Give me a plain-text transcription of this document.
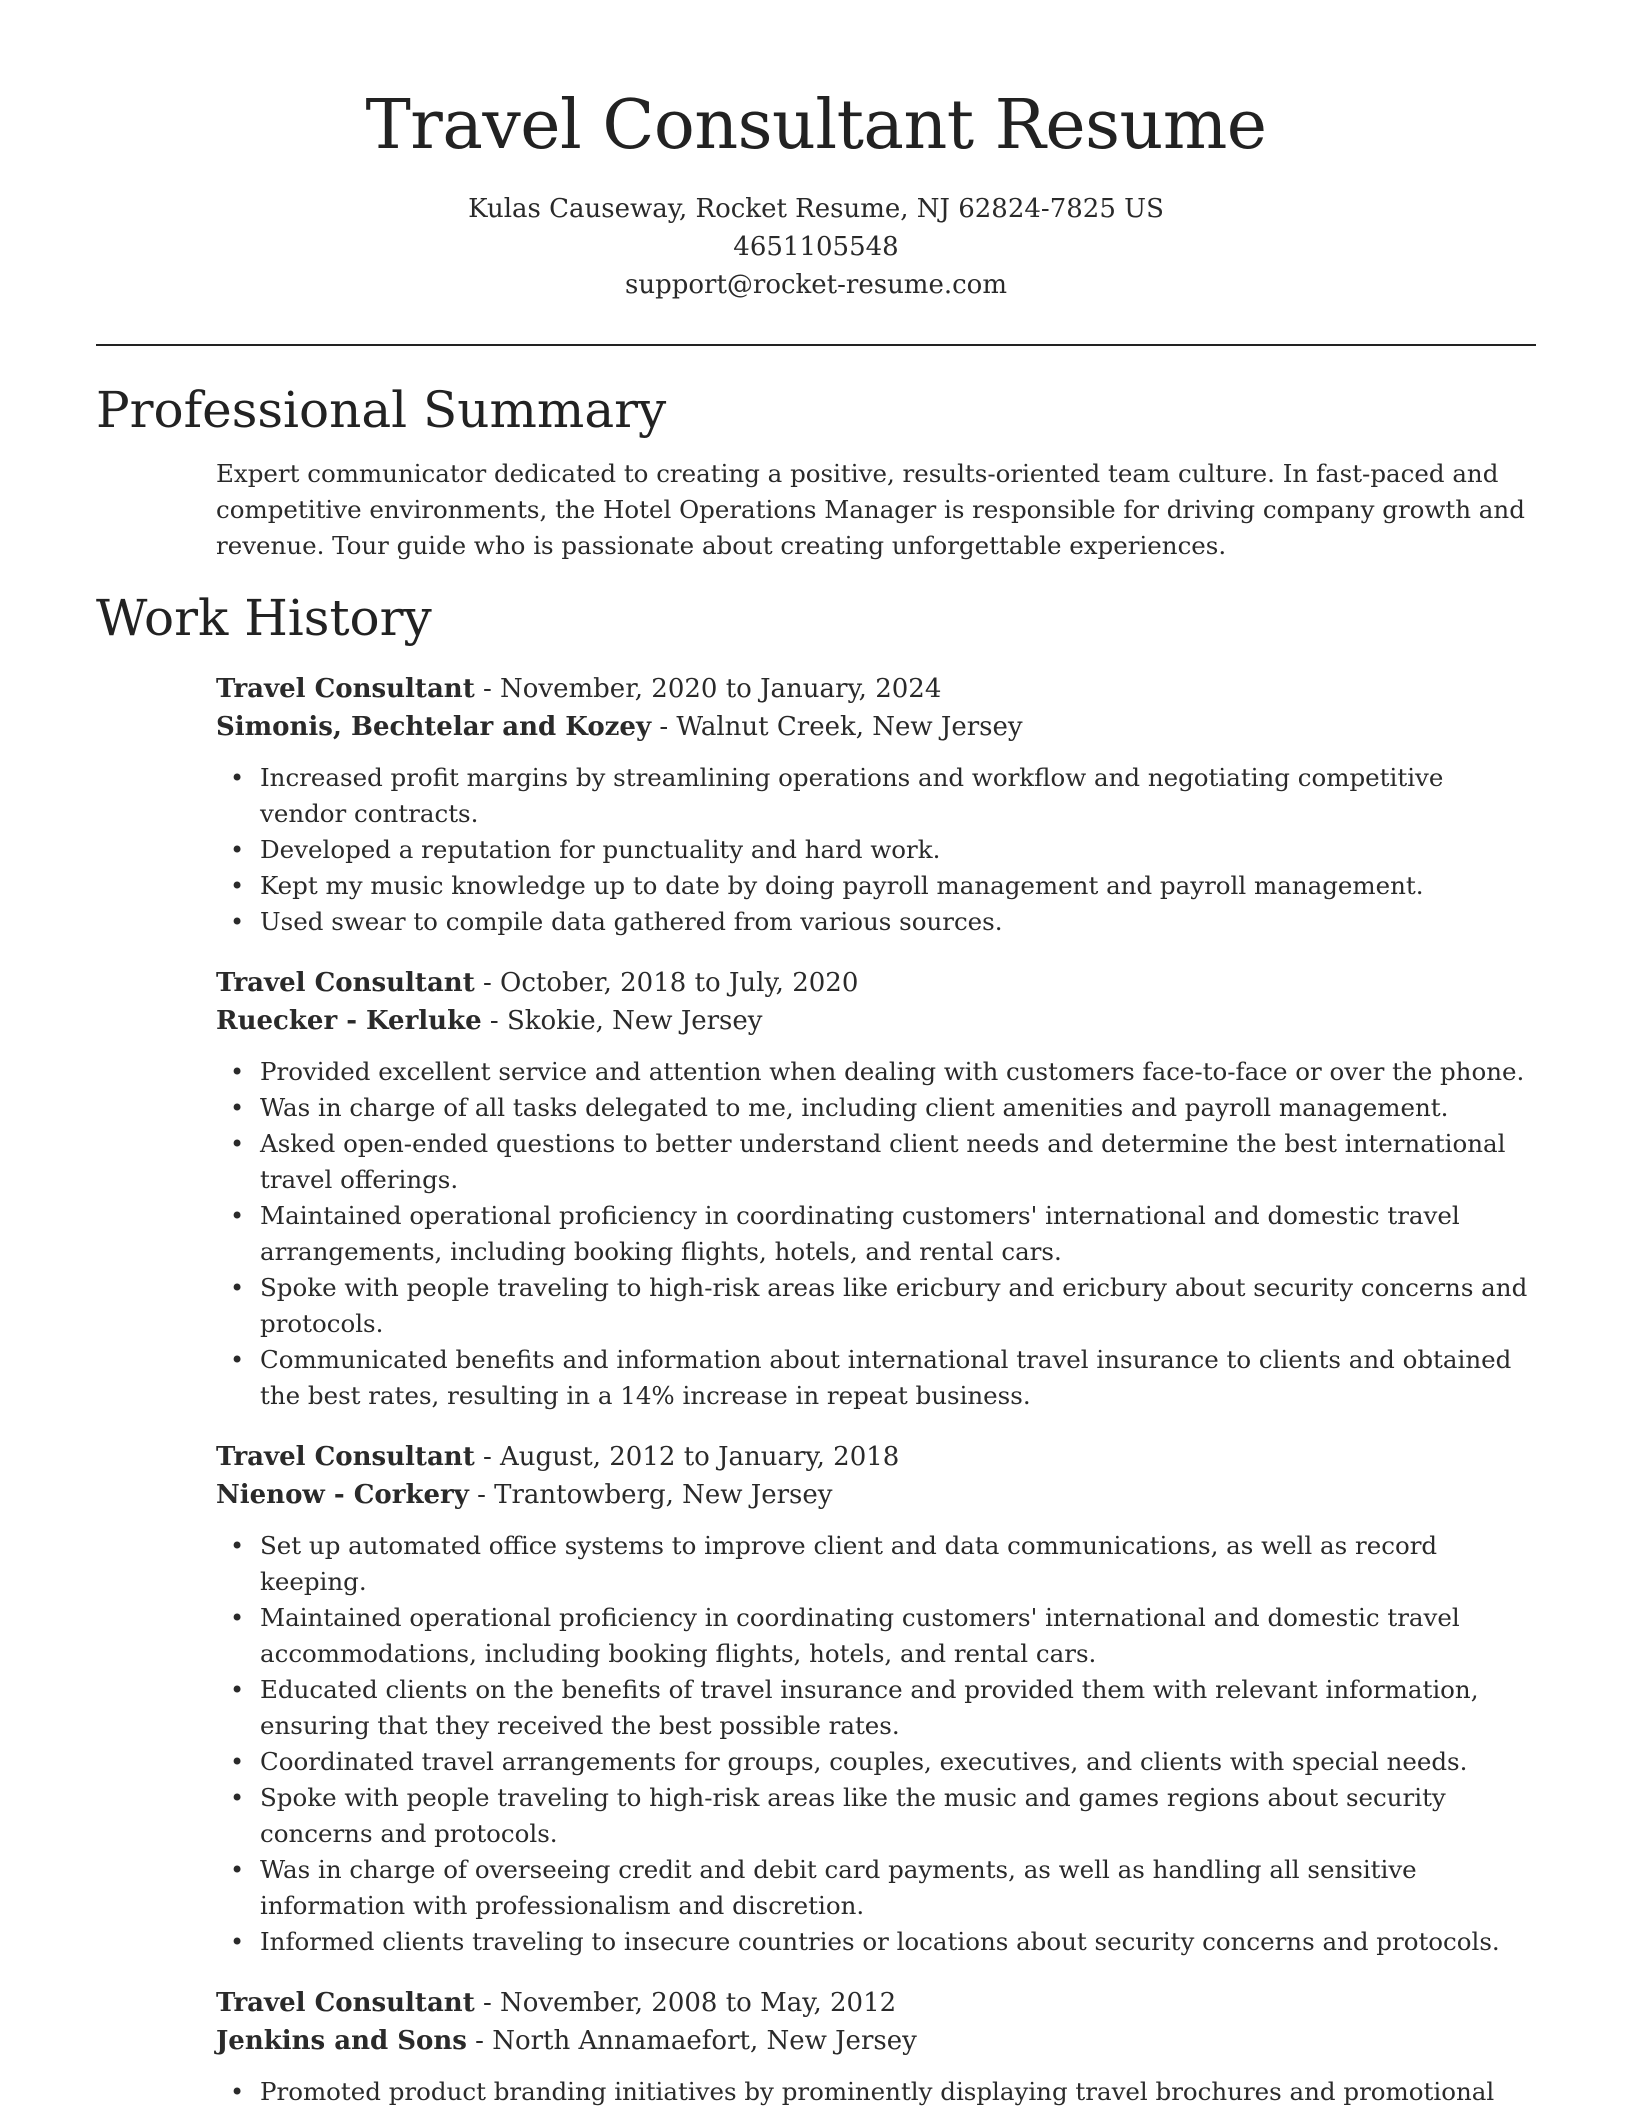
Travel Consultant Resume
Kulas Causeway, Rocket Resume, NJ 62824-7825 US
4651105548
support@rocket-resume.com
Professional Summary

Expert communicator dedicated to creating a positive, results-oriented team culture. In fast-paced and competitive environments, the Hotel Operations Manager is responsible for driving company growth and revenue. Tour guide who is passionate about creating unforgettable experiences.

Work History
Travel Consultant - November, 2020 to January, 2024
Simonis, Bechtelar and Kozey - Walnut Creek, New Jersey
• Increased profit margins by streamlining operations and workflow and negotiating competitive vendor contracts.
• Developed a reputation for punctuality and hard work.
• Kept my music knowledge up to date by doing payroll management and payroll management.
• Used swear to compile data gathered from various sources.
Travel Consultant - October, 2018 to July, 2020
Ruecker - Kerluke - Skokie, New Jersey
• Provided excellent service and attention when dealing with customers face-to-face or over the phone.
• Was in charge of all tasks delegated to me, including client amenities and payroll management.
• Asked open-ended questions to better understand client needs and determine the best international travel offerings.
• Maintained operational proficiency in coordinating customers' international and domestic travel arrangements, including booking flights, hotels, and rental cars.
• Spoke with people traveling to high-risk areas like ericbury and ericbury about security concerns and protocols.
• Communicated benefits and information about international travel insurance to clients and obtained the best rates, resulting in a 14% increase in repeat business.
Travel Consultant - August, 2012 to January, 2018
Nienow - Corkery - Trantowberg, New Jersey
• Set up automated office systems to improve client and data communications, as well as record keeping.
• Maintained operational proficiency in coordinating customers' international and domestic travel accommodations, including booking flights, hotels, and rental cars.
• Educated clients on the benefits of travel insurance and provided them with relevant information, ensuring that they received the best possible rates.
• Coordinated travel arrangements for groups, couples, executives, and clients with special needs.
• Spoke with people traveling to high-risk areas like the music and games regions about security concerns and protocols.
• Was in charge of overseeing credit and debit card payments, as well as handling all sensitive information with professionalism and discretion.
• Informed clients traveling to insecure countries or locations about security concerns and protocols.
Travel Consultant - November, 2008 to May, 2012
Jenkins and Sons - North Annamaefort, New Jersey
• Promoted product branding initiatives by prominently displaying travel brochures and promotional
